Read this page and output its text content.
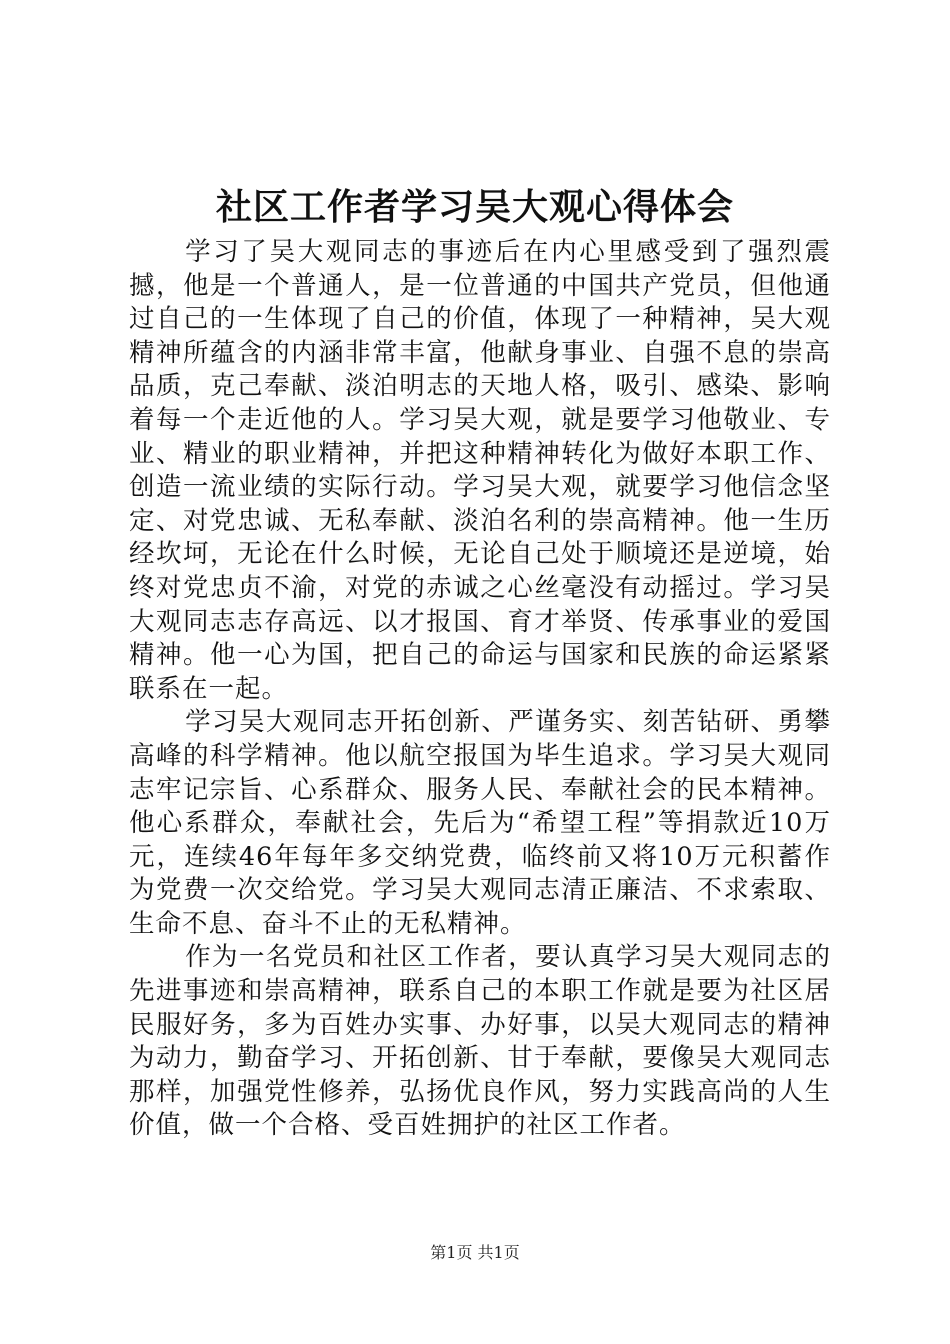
社区工作者学习吴大观心得体会

学习了吴大观同志的事迹后在内心里感受到了强烈震撼，他是一个普通人，是一位普通的中国共产党员，但他通过自己的一生体现了自己的价值，体现了一种精神，吴大观精神所蕴含的内涵非常丰富，他献身事业、自强不息的崇高品质，克己奉献、淡泊明志的天地人格，吸引、感染、影响着每一个走近他的人。学习吴大观，就是要学习他敬业、专业、精业的职业精神，并把这种精神转化为做好本职工作、创造一流业绩的实际行动。学习吴大观，就要学习他信念坚定、对党忠诚、无私奉献、淡泊名利的崇高精神。他一生历经坎坷，无论在什么时候，无论自己处于顺境还是逆境，始终对党忠贞不渝，对党的赤诚之心丝毫没有动摇过。学习吴大观同志志存高远、以才报国、育才举贤、传承事业的爱国精神。他一心为国，把自己的命运与国家和民族的命运紧紧联系在一起。

学习吴大观同志开拓创新、严谨务实、刻苦钻研、勇攀高峰的科学精神。他以航空报国为毕生追求。学习吴大观同志牢记宗旨、心系群众、服务人民、奉献社会的民本精神。他心系群众，奉献社会，先后为“希望工程”等捐款近10万元，连续46年每年多交纳党费，临终前又将10万元积蓄作为党费一次交给党。学习吴大观同志清正廉洁、不求索取、生命不息、奋斗不止的无私精神。

作为一名党员和社区工作者，要认真学习吴大观同志的先进事迹和崇高精神，联系自己的本职工作就是要为社区居民服好务，多为百姓办实事、办好事，以吴大观同志的精神为动力，勤奋学习、开拓创新、甘于奉献，要像吴大观同志那样，加强党性修养，弘扬优良作风，努力实践高尚的人生价值，做一个合格、受百姓拥护的社区工作者。

第1页 共1页
